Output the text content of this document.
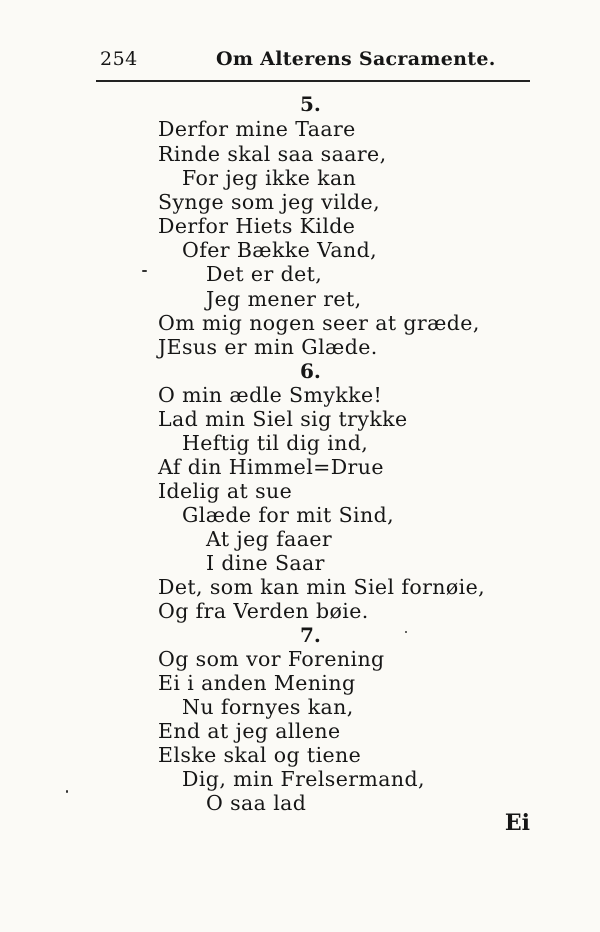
254	Om Alterens Sacramente.
5.
Derfor mine Taare
Rinde skal saa saare,
For jeg ikke kan
Synge som jeg vilde,
Derfor Hiets Kilde
Ofer Bække Vand,
Det er det,
Jeg mener ret,
Om mig nogen seer at græde,
JEsus er min Glæde.
6.
O min ædle Smykke!
Lad min Siel sig trykke
Heftig til dig ind,
Af din Himmel=Drue
Idelig at sue
Glæde for mit Sind,
At jeg faaer
I dine Saar
Det, som kan min Siel fornøie,
Og fra Verden bøie.
7.
Og som vor Forening
Ei i anden Mening
Nu fornyes kan,
End at jeg allene
Elske skal og tiene
Dig, min Frelsermand,
O saa lad
Ei
